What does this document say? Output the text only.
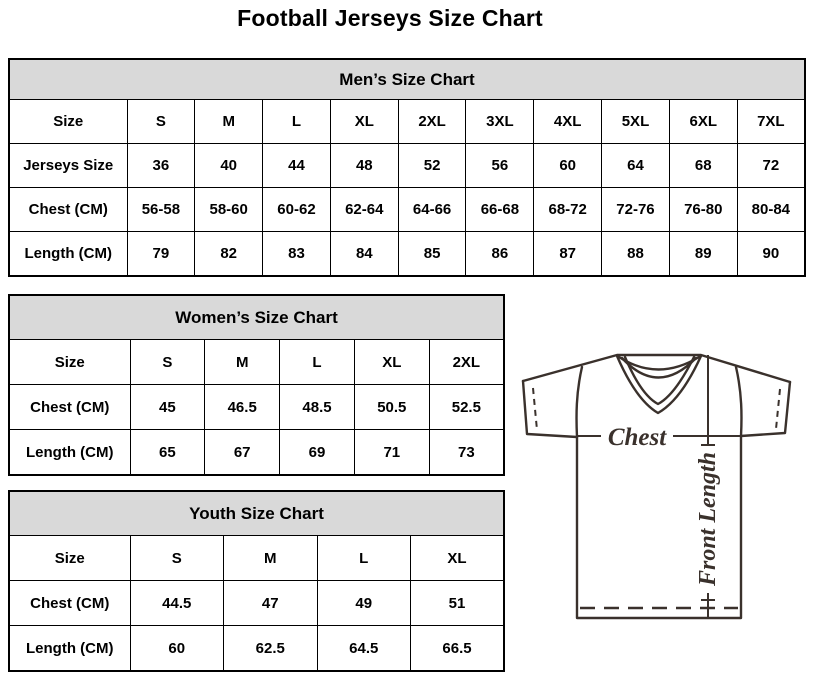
Football Jerseys Size Chart
Men’s Size Chart										
Size	S	M	L	XL	2XL	3XL	4XL	5XL	6XL	7XL
Jerseys Size	36	40	44	48	52	56	60	64	68	72
Chest (CM)	56-58	58-60	60-62	62-64	64-66	66-68	68-72	72-76	76-80	80-84
Length (CM)	79	82	83	84	85	86	87	88	89	90
Women’s Size Chart					
Size	S	M	L	XL	2XL
Chest (CM)	45	46.5	48.5	50.5	52.5
Length (CM)	65	67	69	71	73
Youth Size Chart				
Size	S	M	L	XL
Chest (CM)	44.5	47	49	51
Length (CM)	60	62.5	64.5	66.5
Chest
Front Length
